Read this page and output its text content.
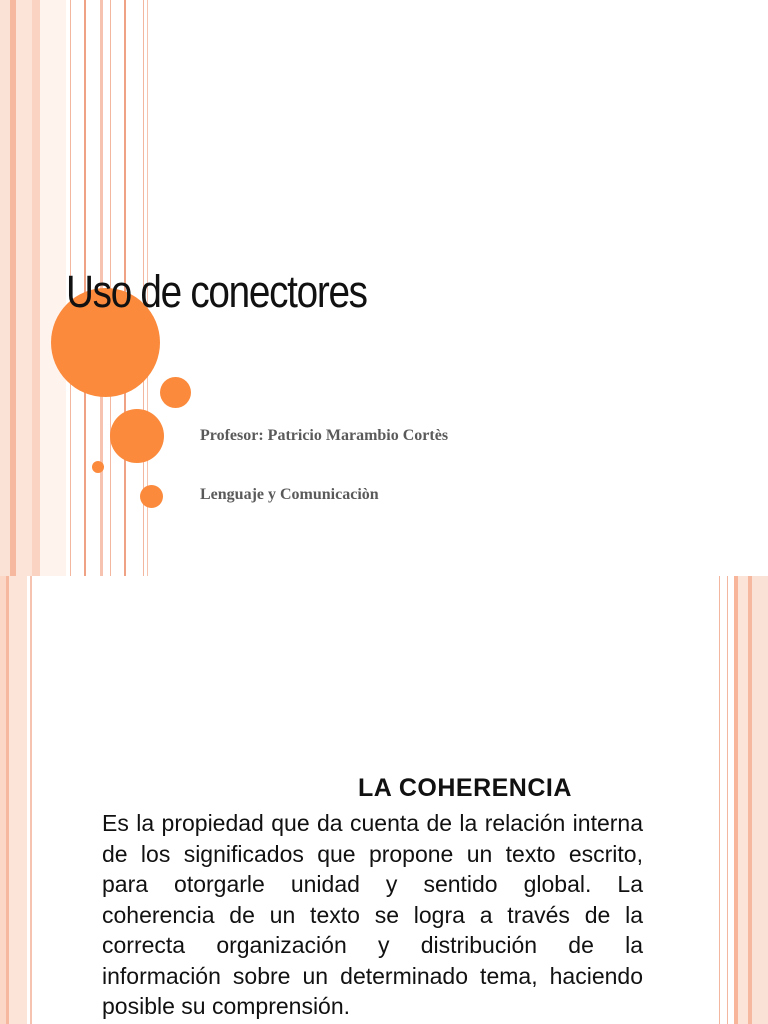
Uso de conectores
Profesor: Patricio Marambio Cortès
Lenguaje y Comunicaciòn
LA COHERENCIA

Es la propiedad que da cuenta de la relación interna de los significados que propone un texto escrito, para otorgarle unidad y sentido global. La coherencia de un texto se logra a través de la correcta organización y distribución de la información sobre un determinado tema, haciendo posible su comprensión.
